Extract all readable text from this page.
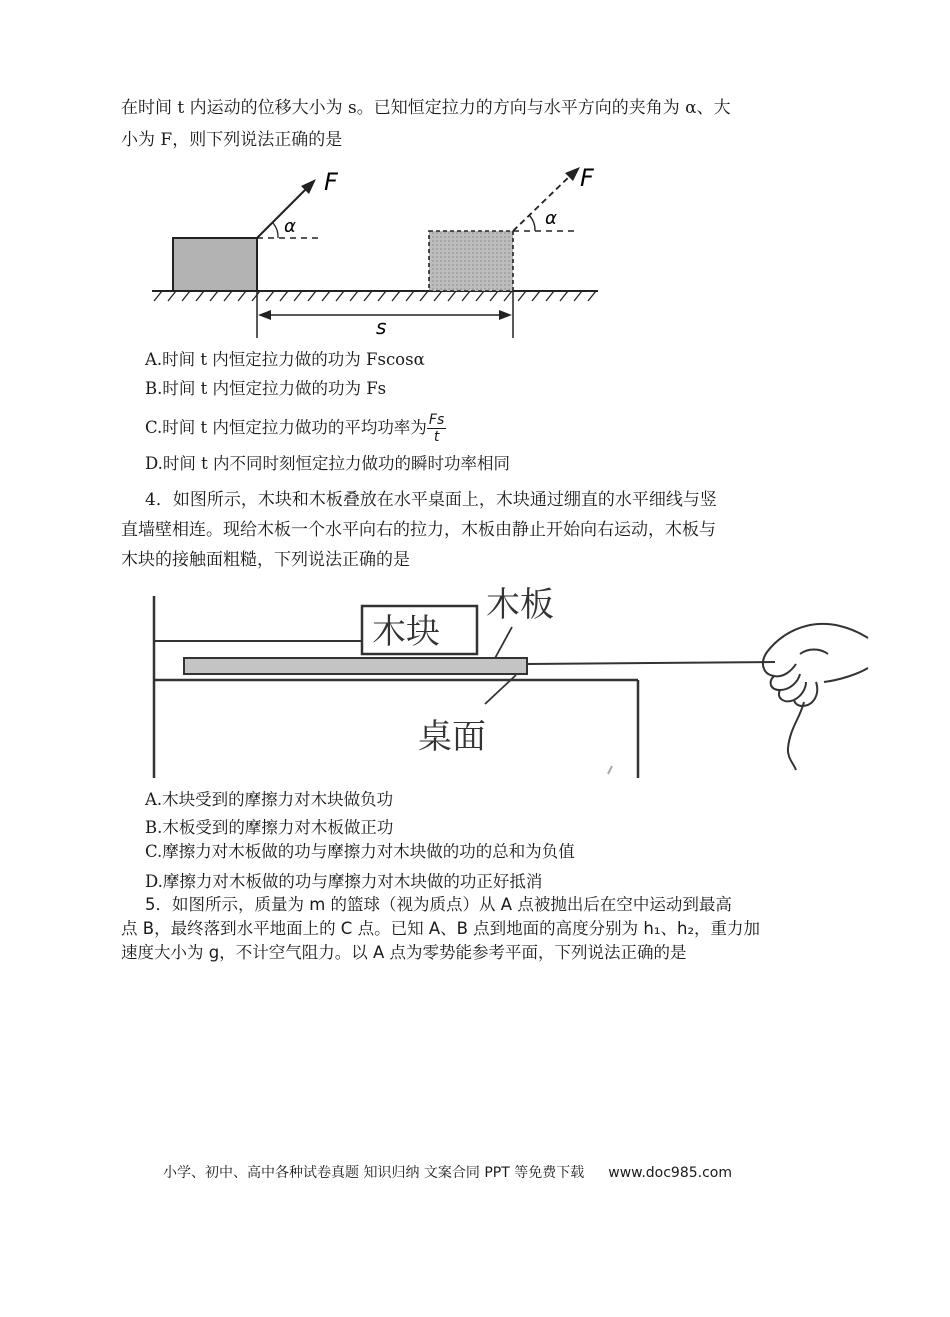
在时间 t 内运动的位移大小为 s。已知恒定拉力的方向与水平方向的夹角为 α、大
小为 F，则下列说法正确的是
α
F
α
F
s
A.时间 t 内恒定拉力做的功为 Fscosα
B.时间 t 内恒定拉力做的功为 Fs
C.时间 t 内恒定拉力做功的平均功率为 $\frac{Fs}{t}$
D.时间 t 内不同时刻恒定拉力做功的瞬时功率相同
4．如图所示，木块和木板叠放在水平桌面上，木块通过绷直的水平细线与竖
直墙壁相连。现给木板一个水平向右的拉力，木板由静止开始向右运动，木板与
木块的接触面粗糙，下列说法正确的是
木块
木板
桌面
A.木块受到的摩擦力对木块做负功
B.木板受到的摩擦力对木板做正功
C.摩擦力对木板做的功与摩擦力对木块做的功的总和为负值
D.摩擦力对木板做的功与摩擦力对木块做的功正好抵消
5．如图所示，质量为 m 的篮球（视为质点）从 A 点被抛出后在空中运动到最高
点 B，最终落到水平地面上的 C 点。已知 A、B 点到地面的高度分别为 h₁、h₂，重力加
速度大小为 g，不计空气阻力。以 A 点为零势能参考平面，下列说法正确的是
小学、初中、高中各种试卷真题 知识归纳 文案合同 PPT 等免费下载 www.doc985.com
